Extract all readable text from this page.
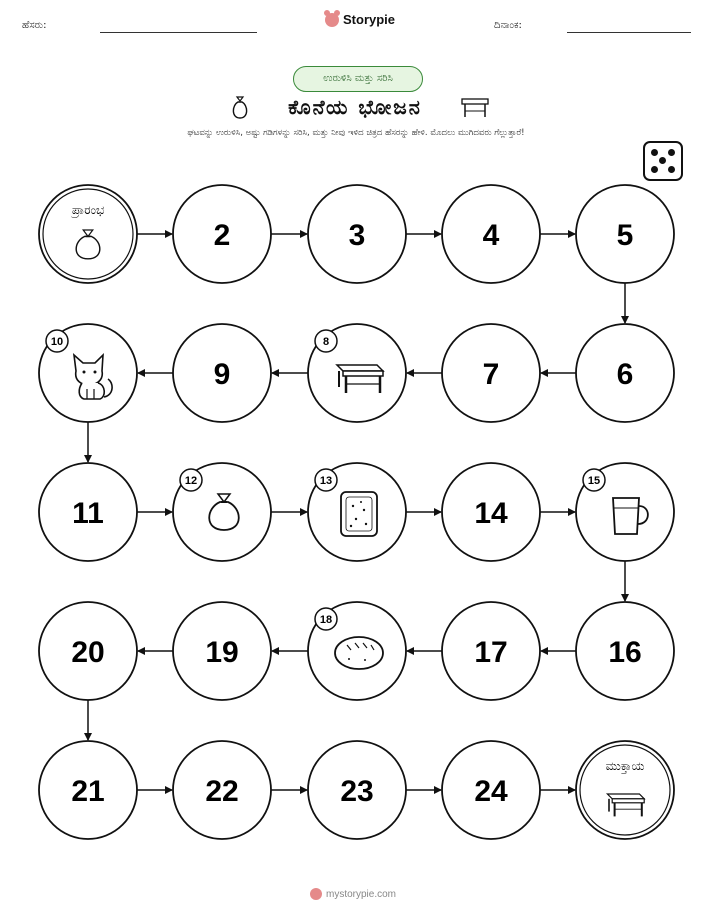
ಹೆಸರು:	ದಿನಾಂಕ:
Storypie
ಉರುಳಿಸಿ ಮತ್ತು ಸರಿಸಿ
ಕೊನೆಯ ಭೋಜನ
ಘಟವನ್ನು ಉರುಳಿಸಿ, ಅಷ್ಟು ಗಡಿಗಳನ್ನು ಸರಿಸಿ, ಮತ್ತು ನೀವು ಇಳಿದ ಚಿತ್ರದ ಹೆಸರನ್ನು ಹೇಳಿ. ಮೊದಲು ಮುಗಿದವರು ಗೆಲ್ಲುತ್ತಾರೆ!
ಪ್ರಾರಂಭ
2	3	4	5
6
7
8
9
10
11
12	13
14
15
16
17
18
19
20
21	22	23	24
ಮುಕ್ತಾಯ
mystorypie.com
